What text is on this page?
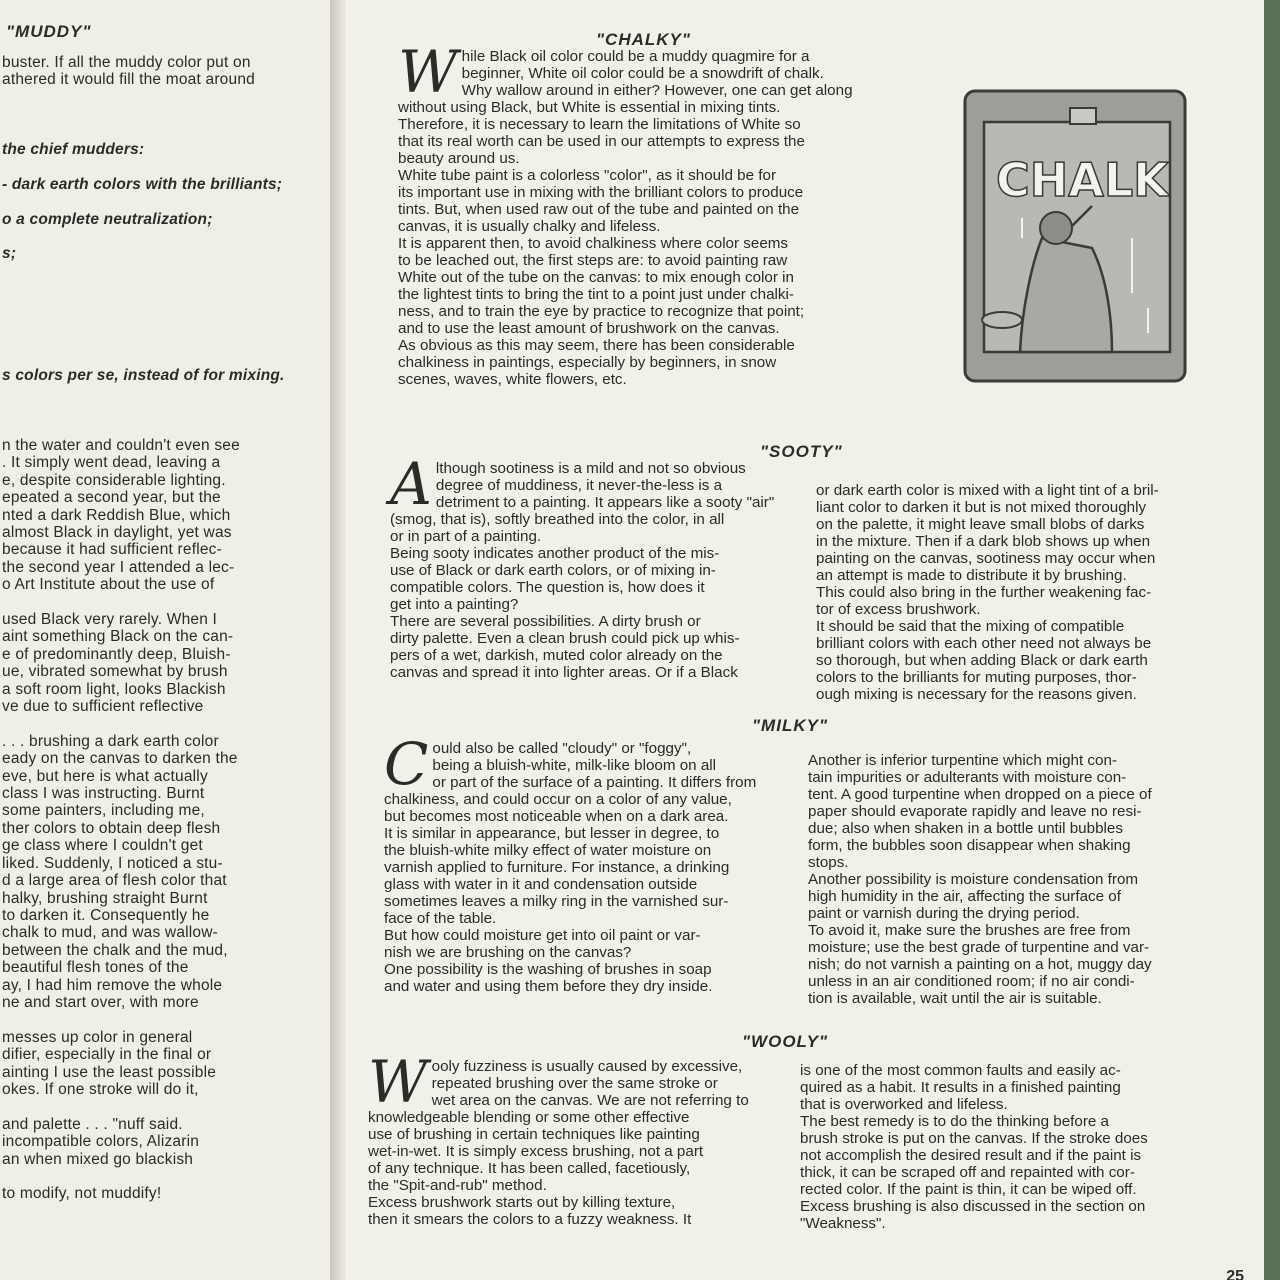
"MUDDY"
buster. If all the muddy color put on
athered it would fill the moat around

the chief mudders:

- dark earth colors with the brilliants;

o a complete neutralization;

s;

s colors per se, instead of for mixing.

n the water and couldn't even see
. It simply went dead, leaving a
e, despite considerable lighting.
epeated a second year, but the
nted a dark Reddish Blue, which
almost Black in daylight, yet was
because it had sufficient reflec-
the second year I attended a lec-
o Art Institute about the use of

used Black very rarely. When I
aint something Black on the can-
e of predominantly deep, Bluish-
ue, vibrated somewhat by brush
a soft room light, looks Blackish
ve due to sufficient reflective

. . . brushing a dark earth color
eady on the canvas to darken the
eve, but here is what actually
class I was instructing. Burnt
some painters, including me,
ther colors to obtain deep flesh
ge class where I couldn't get
liked. Suddenly, I noticed a stu-
d a large area of flesh color that
halky, brushing straight Burnt
to darken it. Consequently he
chalk to mud, and was wallow-
between the chalk and the mud,
beautiful flesh tones of the
ay, I had him remove the whole
ne and start over, with more

messes up color in general
difier, especially in the final or
ainting I use the least possible
okes. If one stroke will do it,

and palette . . . "nuff said.
incompatible colors, Alizarin
an when mixed go blackish

to modify, not muddify!
"CHALKY"
W hile Black oil color could be a muddy quagmire for a
beginner, White oil color could be a snowdrift of chalk.
Why wallow around in either? However, one can get along
without using Black, but White is essential in mixing tints.
Therefore, it is necessary to learn the limitations of White so
that its real worth can be used in our attempts to express the
beauty around us.
White tube paint is a colorless "color", as it should be for
its important use in mixing with the brilliant colors to produce
tints. But, when used raw out of the tube and painted on the
canvas, it is usually chalky and lifeless.
It is apparent then, to avoid chalkiness where color seems
to be leached out, the first steps are: to avoid painting raw
White out of the tube on the canvas: to mix enough color in
the lightest tints to bring the tint to a point just under chalki-
ness, and to train the eye by practice to recognize that point;
and to use the least amount of brushwork on the canvas.
As obvious as this may seem, there has been considerable
chalkiness in paintings, especially by beginners, in snow
scenes, waves, white flowers, etc.
CHALK
"SOOTY"
A lthough sootiness is a mild and not so obvious
degree of muddiness, it never-the-less is a
detriment to a painting. It appears like a sooty "air"
(smog, that is), softly breathed into the color, in all
or in part of a painting.
Being sooty indicates another product of the mis-
use of Black or dark earth colors, or of mixing in-
compatible colors. The question is, how does it
get into a painting?
There are several possibilities. A dirty brush or
dirty palette. Even a clean brush could pick up whis-
pers of a wet, darkish, muted color already on the
canvas and spread it into lighter areas. Or if a Black
or dark earth color is mixed with a light tint of a bril-
liant color to darken it but is not mixed thoroughly
on the palette, it might leave small blobs of darks
in the mixture. Then if a dark blob shows up when
painting on the canvas, sootiness may occur when
an attempt is made to distribute it by brushing.
This could also bring in the further weakening fac-
tor of excess brushwork.
It should be said that the mixing of compatible
brilliant colors with each other need not always be
so thorough, but when adding Black or dark earth
colors to the brilliants for muting purposes, thor-
ough mixing is necessary for the reasons given.
"MILKY"
C ould also be called "cloudy" or "foggy",
being a bluish-white, milk-like bloom on all
or part of the surface of a painting. It differs from
chalkiness, and could occur on a color of any value,
but becomes most noticeable when on a dark area.
It is similar in appearance, but lesser in degree, to
the bluish-white milky effect of water moisture on
varnish applied to furniture. For instance, a drinking
glass with water in it and condensation outside
sometimes leaves a milky ring in the varnished sur-
face of the table.
But how could moisture get into oil paint or var-
nish we are brushing on the canvas?
One possibility is the washing of brushes in soap
and water and using them before they dry inside.
Another is inferior turpentine which might con-
tain impurities or adulterants with moisture con-
tent. A good turpentine when dropped on a piece of
paper should evaporate rapidly and leave no resi-
due; also when shaken in a bottle until bubbles
form, the bubbles soon disappear when shaking
stops.
Another possibility is moisture condensation from
high humidity in the air, affecting the surface of
paint or varnish during the drying period.
To avoid it, make sure the brushes are free from
moisture; use the best grade of turpentine and var-
nish; do not varnish a painting on a hot, muggy day
unless in an air conditioned room; if no air condi-
tion is available, wait until the air is suitable.
"WOOLY"
W ooly fuzziness is usually caused by excessive,
repeated brushing over the same stroke or
wet area on the canvas. We are not referring to
knowledgeable blending or some other effective
use of brushing in certain techniques like painting
wet-in-wet. It is simply excess brushing, not a part
of any technique. It has been called, facetiously,
the "Spit-and-rub" method.
Excess brushwork starts out by killing texture,
then it smears the colors to a fuzzy weakness. It
is one of the most common faults and easily ac-
quired as a habit. It results in a finished painting
that is overworked and lifeless.
The best remedy is to do the thinking before a
brush stroke is put on the canvas. If the stroke does
not accomplish the desired result and if the paint is
thick, it can be scraped off and repainted with cor-
rected color. If the paint is thin, it can be wiped off.
Excess brushing is also discussed in the section on
"Weakness".
25
